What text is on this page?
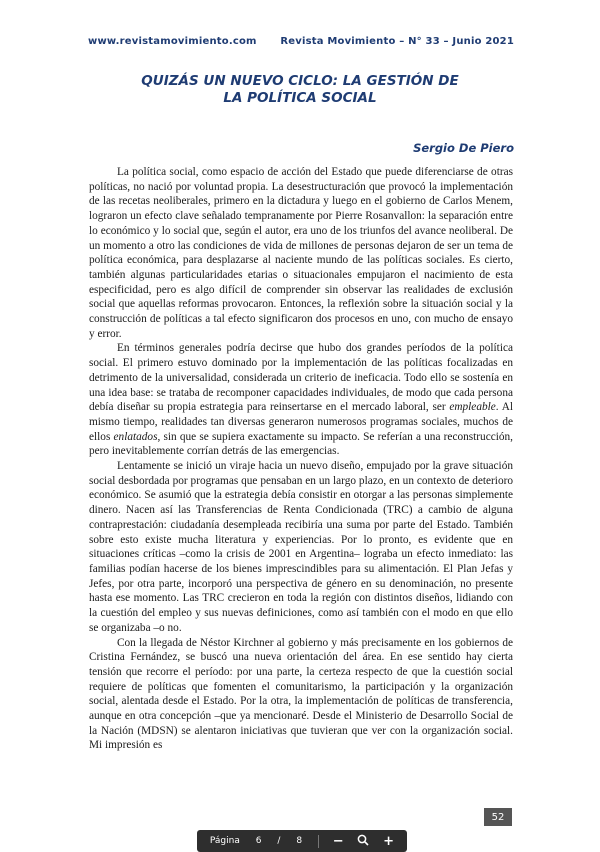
www.revistamovimiento.com Revista Movimiento – N° 33 – Junio 2021
QUIZÁS UN NUEVO CICLO: LA GESTIÓN DE
LA POLÍTICA SOCIAL
Sergio De Piero

La política social, como espacio de acción del Estado que puede diferenciarse de otras políticas, no nació por voluntad propia. La desestructuración que provocó la implementación de las recetas neoliberales, primero en la dictadura y luego en el gobierno de Carlos Menem, lograron un efecto clave señalado tempranamente por Pierre Rosanvallon: la separación entre lo económico y lo social que, según el autor, era uno de los triunfos del avance neoliberal. De un momento a otro las condiciones de vida de millones de personas dejaron de ser un tema de política económica, para desplazarse al naciente mundo de las políticas sociales. Es cierto, también algunas particularidades etarias o situacionales empujaron el nacimiento de esta especificidad, pero es algo difícil de comprender sin observar las realidades de exclusión social que aquellas reformas provocaron. Entonces, la reflexión sobre la situación social y la construcción de políticas a tal efecto significaron dos procesos en uno, con mucho de ensayo y error.

En términos generales podría decirse que hubo dos grandes períodos de la política social. El primero estuvo dominado por la implementación de las políticas focalizadas en detrimento de la universalidad, considerada un criterio de ineficacia. Todo ello se sostenía en una idea base: se trataba de recomponer capacidades individuales, de modo que cada persona debía diseñar su propia estrategia para reinsertarse en el mercado laboral, ser empleable. Al mismo tiempo, realidades tan diversas generaron numerosos programas sociales, muchos de ellos enlatados, sin que se supiera exactamente su impacto. Se referían a una reconstrucción, pero inevitablemente corrían detrás de las emergencias.

Lentamente se inició un viraje hacia un nuevo diseño, empujado por la grave situación social desbordada por programas que pensaban en un largo plazo, en un contexto de deterioro económico. Se asumió que la estrategia debía consistir en otorgar a las personas simplemente dinero. Nacen así las Transferencias de Renta Condicionada (TRC) a cambio de alguna contraprestación: ciudadanía desempleada recibiría una suma por parte del Estado. También sobre esto existe mucha literatura y experiencias. Por lo pronto, es evidente que en situaciones críticas –como la crisis de 2001 en Argentina– lograba un efecto inmediato: las familias podían hacerse de los bienes imprescindibles para su alimentación. El Plan Jefas y Jefes, por otra parte, incorporó una perspectiva de género en su denominación, no presente hasta ese momento. Las TRC crecieron en toda la región con distintos diseños, lidiando con la cuestión del empleo y sus nuevas definiciones, como así también con el modo en que ello se organizaba –o no.

Con la llegada de Néstor Kirchner al gobierno y más precisamente en los gobiernos de Cristina Fernández, se buscó una nueva orientación del área. En ese sentido hay cierta tensión que recorre el período: por una parte, la certeza respecto de que la cuestión social requiere de políticas que fomenten el comunitarismo, la participación y la organización social, alentada desde el Estado. Por la otra, la implementación de políticas de transferencia, aunque en otra concepción –que ya mencionaré. Desde el Ministerio de Desarrollo Social de la Nación (MDSN) se alentaron iniciativas que tuvieran que ver con la organización social. Mi impresión es

52
Página 6 / 8 −	+
